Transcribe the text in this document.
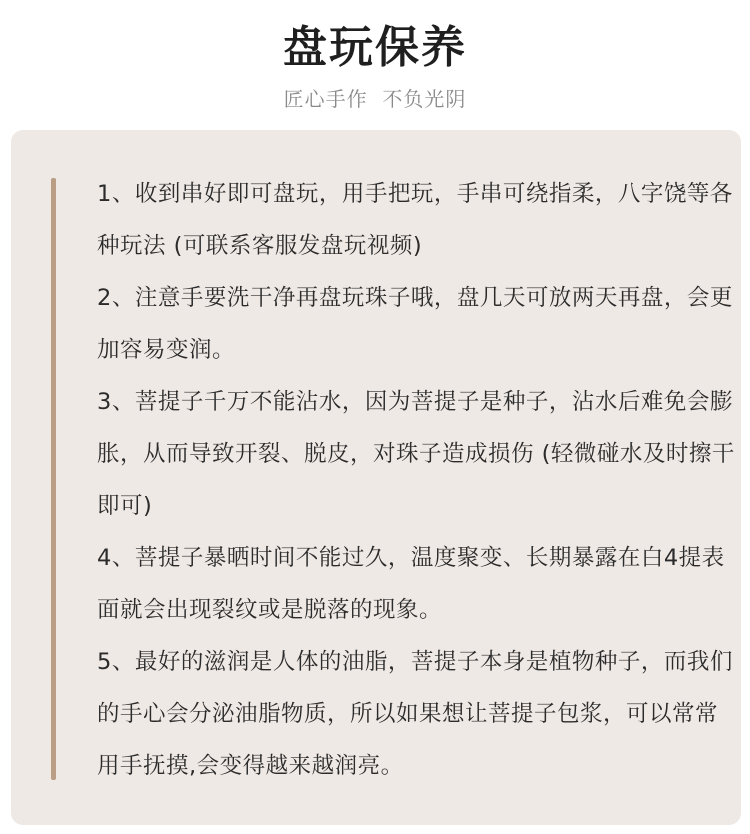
盘玩保养
匠心手作  不负光阴
1、收到串好即可盘玩，用手把玩，手串可绕指柔，八字饶等各种玩法 (可联系客服发盘玩视频)
2、注意手要洗干净再盘玩珠子哦，盘几天可放两天再盘，会更加容易变润。
3、菩提子千万不能沾水，因为菩提子是种子，沾水后难免会膨胀，从而导致开裂、脱皮，对珠子造成损伤 (轻微碰水及时擦干即可)
4、菩提子暴晒时间不能过久，温度聚变、长期暴露在白4提表面就会出现裂纹或是脱落的现象。
5、最好的滋润是人体的油脂，菩提子本身是植物种子，而我们的手心会分泌油脂物质，所以如果想让菩提子包浆，可以常常用手抚摸,会变得越来越润亮。
